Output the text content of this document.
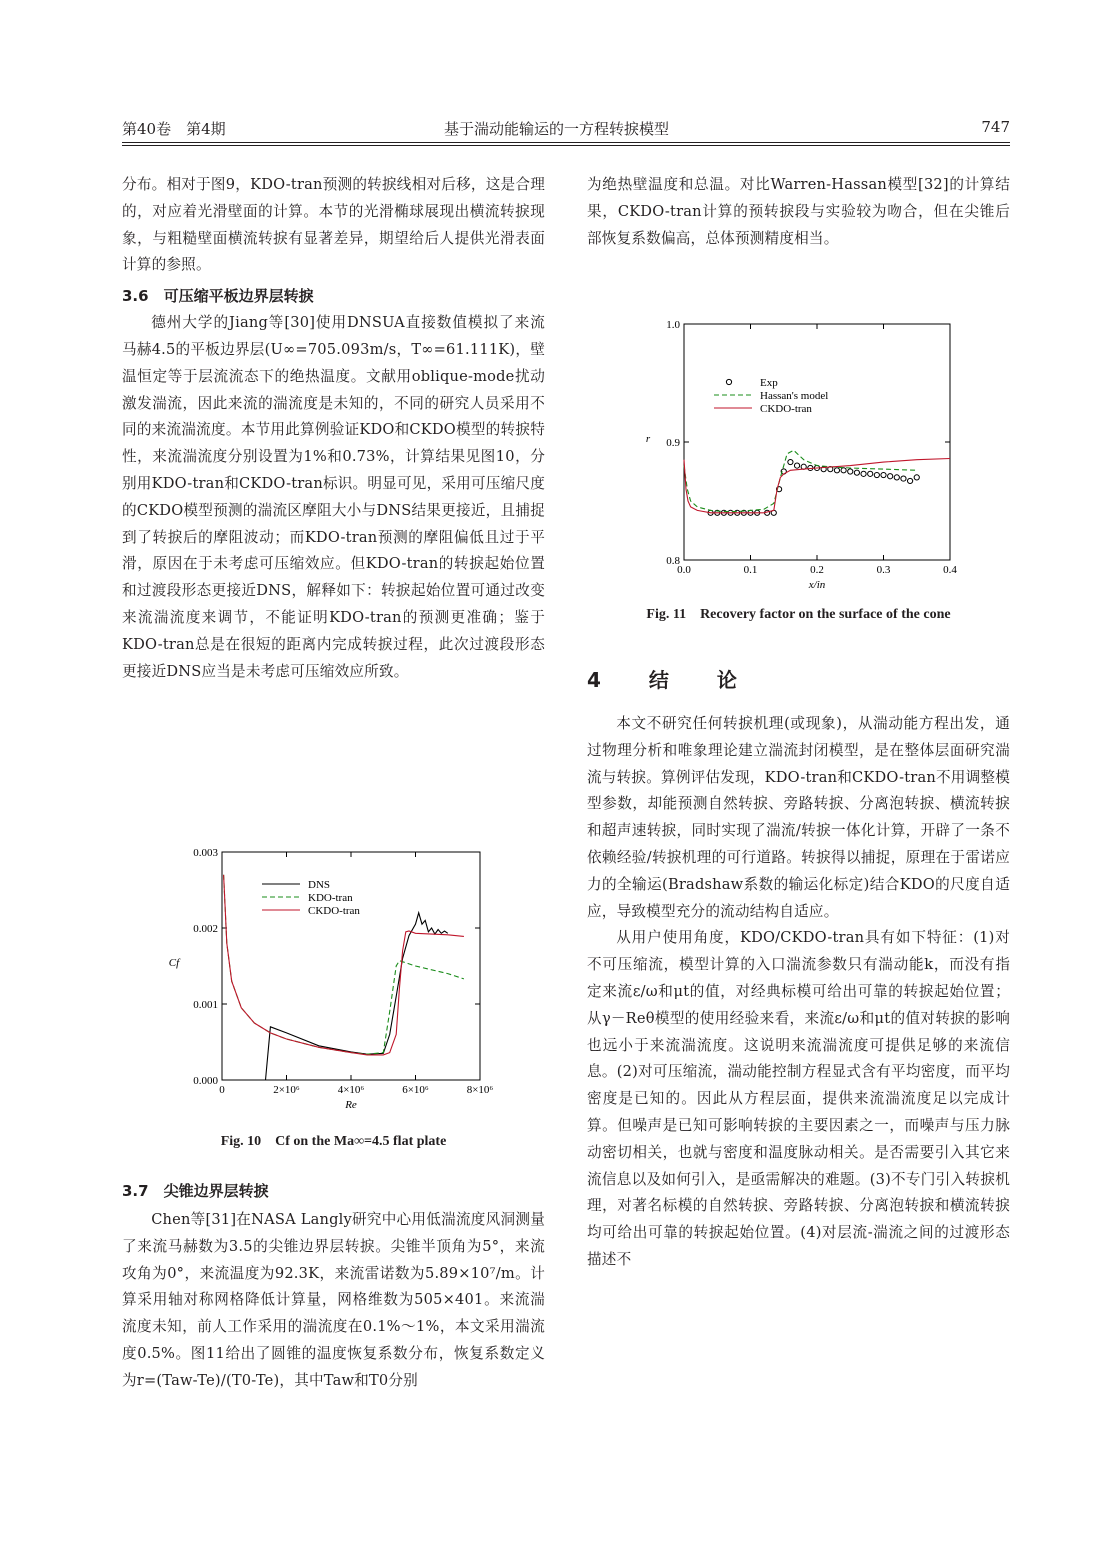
第40卷　第4期	基于湍动能输运的一方程转捩模型	747

分布。相对于图9，KDO-tran预测的转捩线相对后移，这是合理的，对应着光滑壁面的计算。本节的光滑椭球展现出横流转捩现象，与粗糙壁面横流转捩有显著差异，期望给后人提供光滑表面计算的参照。

3.6　可压缩平板边界层转捩

德州大学的Jiang等[30]使用DNSUA直接数值模拟了来流马赫4.5的平板边界层(U∞=705.093m/s，T∞=61.111K)，壁温恒定等于层流流态下的绝热温度。文献用oblique-mode扰动激发湍流，因此来流的湍流度是未知的，不同的研究人员采用不同的来流湍流度。本节用此算例验证KDO和CKDO模型的转捩特性，来流湍流度分别设置为1%和0.73%，计算结果见图10，分别用KDO-tran和CKDO-tran标识。明显可见，采用可压缩尺度的CKDO模型预测的湍流区摩阻大小与DNS结果更接近，且捕捉到了转捩后的摩阻波动；而KDO-tran预测的摩阻偏低且过于平滑，原因在于未考虑可压缩效应。但KDO-tran的转捩起始位置和过渡段形态更接近DNS，解释如下：转捩起始位置可通过改变来流湍流度来调节，不能证明KDO-tran的预测更准确；鉴于KDO-tran总是在很短的距离内完成转捩过程，此次过渡段形态更接近DNS应当是未考虑可压缩效应所致。

0	2×10⁶	4×10⁶	6×10⁶	8×10⁶
0.000
0.001
0.002
0.003
Re
Cf
DNS
KDO-tran
CKDO-tran
Fig. 10　Cf on the Ma∞=4.5 flat plate

3.7　尖锥边界层转捩

Chen等[31]在NASA Langly研究中心用低湍流度风洞测量了来流马赫数为3.5的尖锥边界层转捩。尖锥半顶角为5°，来流攻角为0°，来流温度为92.3K，来流雷诺数为5.89×10⁷/m。计算采用轴对称网格降低计算量，网格维数为505×401。来流湍流度未知，前人工作采用的湍流度在0.1%～1%，本文采用湍流度0.5%。图11给出了圆锥的温度恢复系数分布，恢复系数定义为r=(Taw-Te)/(T0-Te)，其中Taw和T0分别

为绝热壁温度和总温。对比Warren-Hassan模型[32]的计算结果，CKDO-tran计算的预转捩段与实验较为吻合，但在尖锥后部恢复系数偏高，总体预测精度相当。

0.0	0.1	0.2	0.3	0.4
0.8
0.9
1.0
x/in
r
Exp
Hassan's model
CKDO-tran
Fig. 11　Recovery factor on the surface of the cone

4　结　论

本文不研究任何转捩机理(或现象)，从湍动能方程出发，通过物理分析和唯象理论建立湍流封闭模型，是在整体层面研究湍流与转捩。算例评估发现，KDO-tran和CKDO-tran不用调整模型参数，却能预测自然转捩、旁路转捩、分离泡转捩、横流转捩和超声速转捩，同时实现了湍流/转捩一体化计算，开辟了一条不依赖经验/转捩机理的可行道路。转捩得以捕捉，原理在于雷诺应力的全输运(Bradshaw系数的输运化标定)结合KDO的尺度自适应，导致模型充分的流动结构自适应。

从用户使用角度，KDO/CKDO-tran具有如下特征：(1)对不可压缩流，模型计算的入口湍流参数只有湍动能k，而没有指定来流ε/ω和μt的值，对经典标模可给出可靠的转捩起始位置；从γ－Reθ模型的使用经验来看，来流ε/ω和μt的值对转捩的影响也远小于来流湍流度。这说明来流湍流度可提供足够的来流信息。(2)对可压缩流，湍动能控制方程显式含有平均密度，而平均密度是已知的。因此从方程层面，提供来流湍流度足以完成计算。但噪声是已知可影响转捩的主要因素之一，而噪声与压力脉动密切相关，也就与密度和温度脉动相关。是否需要引入其它来流信息以及如何引入，是亟需解决的难题。(3)不专门引入转捩机理，对著名标模的自然转捩、旁路转捩、分离泡转捩和横流转捩均可给出可靠的转捩起始位置。(4)对层流-湍流之间的过渡形态描述不
